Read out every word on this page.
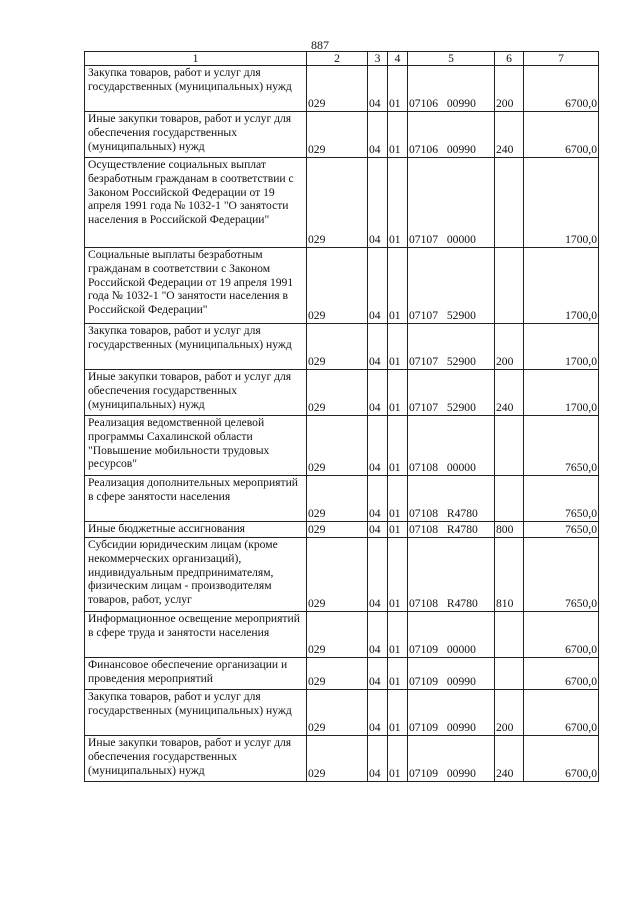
887
1	2	3	4	5	6	7
Закупка товаров, работ и услуг для государственных (муниципальных) нужд	029	04	01	07106 00990	200	6700,0
Иные закупки товаров, работ и услуг для обеспечения государственных (муниципальных) нужд	029	04	01	07106 00990	240	6700,0
Осуществление социальных выплат безработным гражданам в соответствии с Законом Российской Федерации от 19 апреля 1991 года № 1032-1 "О занятости населения в Российской Федерации"	029	04	01	07107 00000		1700,0
Социальные выплаты безработным гражданам в соответствии с Законом Российской Федерации от 19 апреля 1991 года № 1032-1 "О занятости населения в Российской Федерации"	029	04	01	07107 52900		1700,0
Закупка товаров, работ и услуг для государственных (муниципальных) нужд	029	04	01	07107 52900	200	1700,0
Иные закупки товаров, работ и услуг для обеспечения государственных (муниципальных) нужд	029	04	01	07107 52900	240	1700,0
Реализация ведомственной целевой программы Сахалинской области "Повышение мобильности трудовых ресурсов"	029	04	01	07108 00000		7650,0
Реализация дополнительных мероприятий в сфере занятости населения	029	04	01	07108 R4780		7650,0
Иные бюджетные ассигнования	029	04	01	07108 R4780	800	7650,0
Субсидии юридическим лицам (кроме некоммерческих организаций), индивидуальным предпринимателям, физическим лицам - производителям товаров, работ, услуг	029	04	01	07108 R4780	810	7650,0
Информационное освещение мероприятий в сфере труда и занятости населения	029	04	01	07109 00000		6700,0
Финансовое обеспечение организации и проведения мероприятий	029	04	01	07109 00990		6700,0
Закупка товаров, работ и услуг для государственных (муниципальных) нужд	029	04	01	07109 00990	200	6700,0
Иные закупки товаров, работ и услуг для обеспечения государственных (муниципальных) нужд	029	04	01	07109 00990	240	6700,0
